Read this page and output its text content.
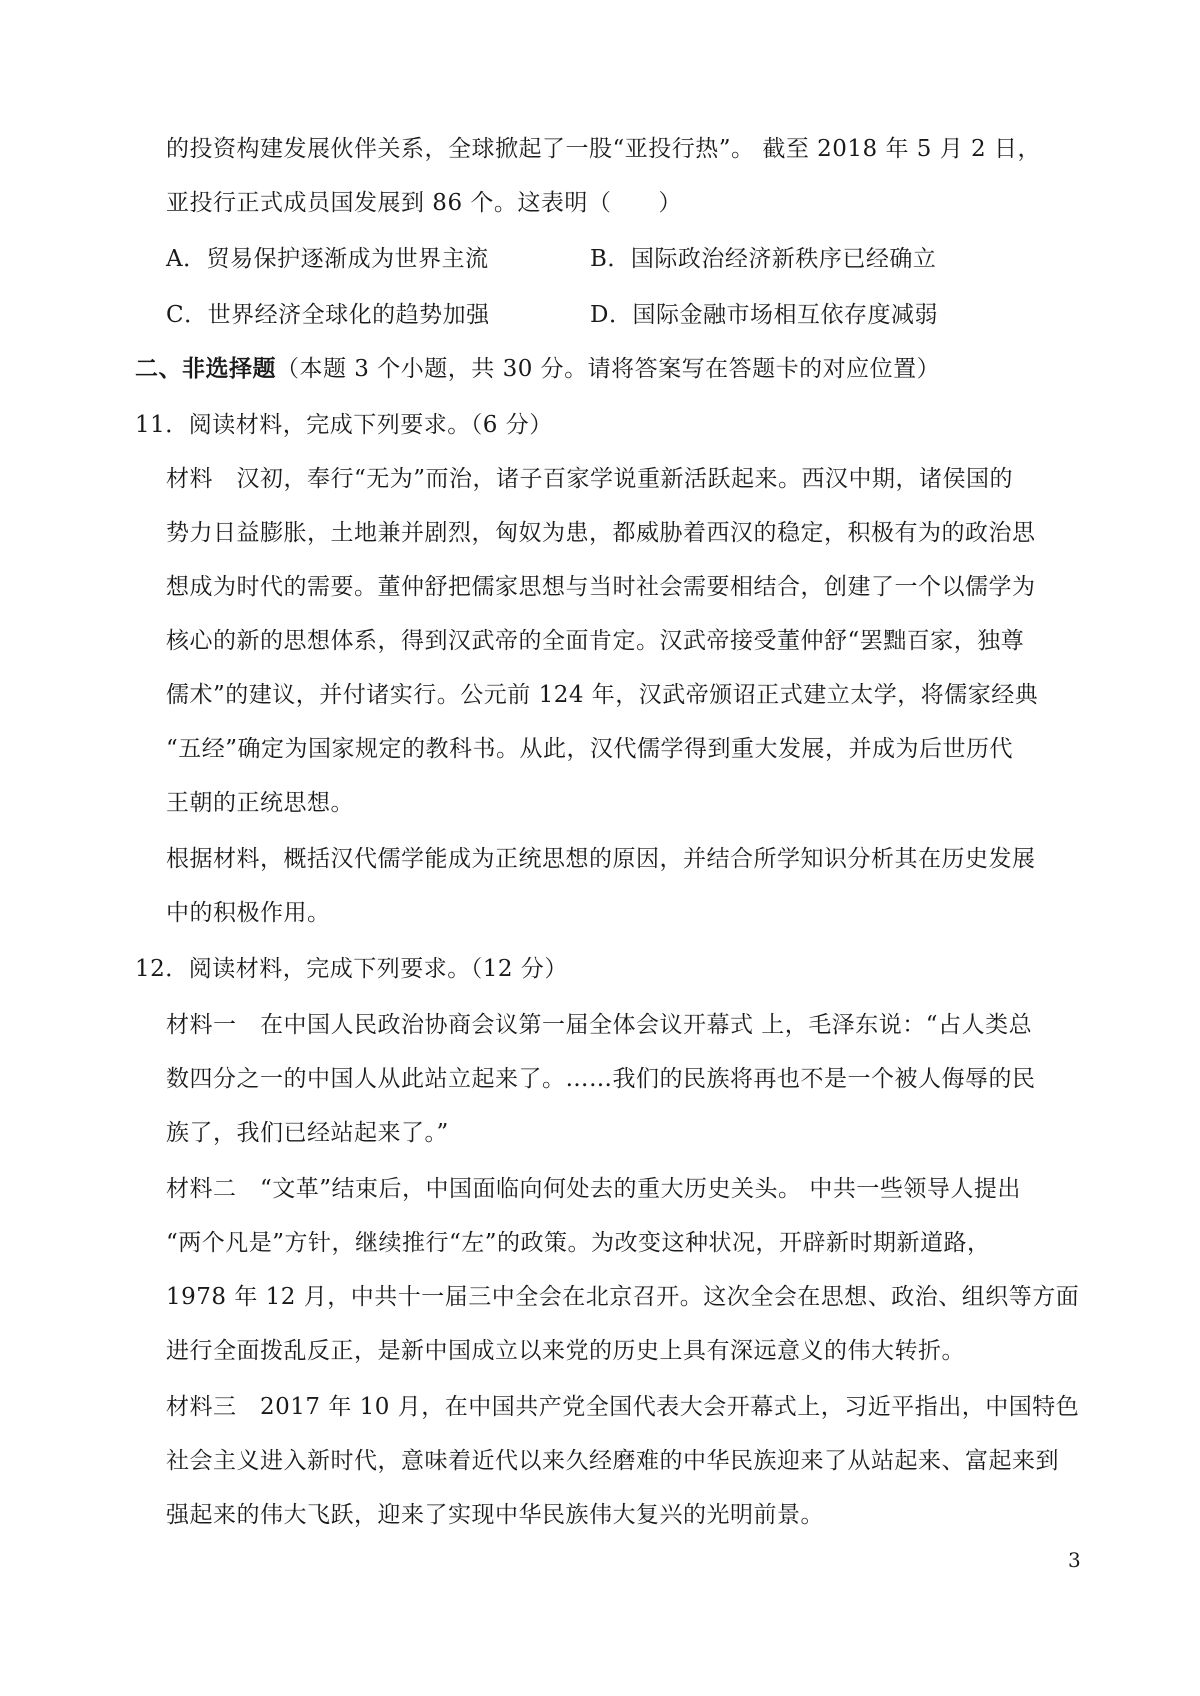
的投资构建发展伙伴关系，全球掀起了一股“亚投行热”。 截至 2018 年 5 月 2 日，
亚投行正式成员国发展到 86 个。这表明（　　）
A．贸易保护逐渐成为世界主流	B．国际政治经济新秩序已经确立
C．世界经济全球化的趋势加强	D．国际金融市场相互依存度减弱
二、非选择题（本题 3 个小题，共 30 分。请将答案写在答题卡的对应位置）
11．阅读材料，完成下列要求。（6 分）
材料　汉初，奉行“无为”而治，诸子百家学说重新活跃起来。西汉中期，诸侯国的
势力日益膨胀，土地兼并剧烈，匈奴为患，都威胁着西汉的稳定，积极有为的政治思
想成为时代的需要。董仲舒把儒家思想与当时社会需要相结合，创建了一个以儒学为
核心的新的思想体系，得到汉武帝的全面肯定。汉武帝接受董仲舒“罢黜百家，独尊
儒术”的建议，并付诸实行。公元前 124 年，汉武帝颁诏正式建立太学，将儒家经典
“五经”确定为国家规定的教科书。从此，汉代儒学得到重大发展，并成为后世历代
王朝的正统思想。
根据材料，概括汉代儒学能成为正统思想的原因，并结合所学知识分析其在历史发展
中的积极作用。
12．阅读材料，完成下列要求。（12 分）
材料一　在中国人民政治协商会议第一届全体会议开幕式 上，毛泽东说：“占人类总
数四分之一的中国人从此站立起来了。……我们的民族将再也不是一个被人侮辱的民
族了，我们已经站起来了。”
材料二　“文革”结束后，中国面临向何处去的重大历史关头。 中共一些领导人提出
“两个凡是”方针，继续推行“左”的政策。为改变这种状况，开辟新时期新道路，
1978 年 12 月，中共十一届三中全会在北京召开。这次全会在思想、政治、组织等方面
进行全面拨乱反正，是新中国成立以来党的历史上具有深远意义的伟大转折。
材料三　2017 年 10 月，在中国共产党全国代表大会开幕式上，习近平指出，中国特色
社会主义进入新时代，意味着近代以来久经磨难的中华民族迎来了从站起来、富起来到
强起来的伟大飞跃，迎来了实现中华民族伟大复兴的光明前景。
3
